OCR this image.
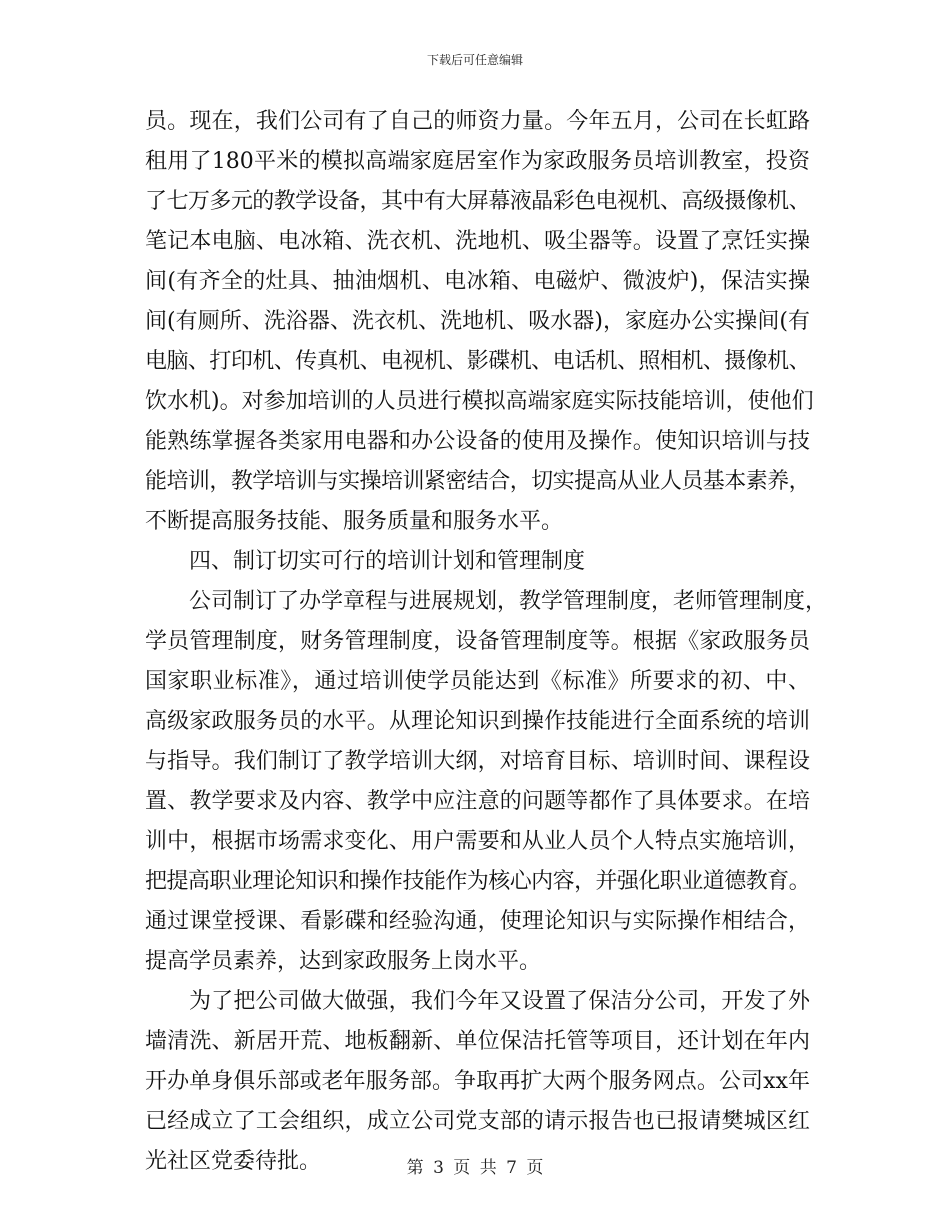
下载后可任意编辑
员。现在，我们公司有了自己的师资力量。今年五月，公司在长虹路
租用了180平米的模拟高端家庭居室作为家政服务员培训教室，投资
了七万多元的教学设备，其中有大屏幕液晶彩色电视机、高级摄像机、
笔记本电脑、电冰箱、洗衣机、洗地机、吸尘器等。设置了烹饪实操
间(有齐全的灶具、抽油烟机、电冰箱、电磁炉、微波炉)，保洁实操
间(有厕所、洗浴器、洗衣机、洗地机、吸水器)，家庭办公实操间(有
电脑、打印机、传真机、电视机、影碟机、电话机、照相机、摄像机、
饮水机)。对参加培训的人员进行模拟高端家庭实际技能培训，使他们
能熟练掌握各类家用电器和办公设备的使用及操作。使知识培训与技
能培训，教学培训与实操培训紧密结合，切实提高从业人员基本素养，
不断提高服务技能、服务质量和服务水平。
四、制订切实可行的培训计划和管理制度
公司制订了办学章程与进展规划，教学管理制度，老师管理制度，
学员管理制度，财务管理制度，设备管理制度等。根据《家政服务员
国家职业标准》，通过培训使学员能达到《标准》所要求的初、中、
高级家政服务员的水平。从理论知识到操作技能进行全面系统的培训
与指导。我们制订了教学培训大纲，对培育目标、培训时间、课程设
置、教学要求及内容、教学中应注意的问题等都作了具体要求。在培
训中，根据市场需求变化、用户需要和从业人员个人特点实施培训，
把提高职业理论知识和操作技能作为核心内容，并强化职业道德教育。
通过课堂授课、看影碟和经验沟通，使理论知识与实际操作相结合，
提高学员素养，达到家政服务上岗水平。
为了把公司做大做强，我们今年又设置了保洁分公司，开发了外
墙清洗、新居开荒、地板翻新、单位保洁托管等项目，还计划在年内
开办单身俱乐部或老年服务部。争取再扩大两个服务网点。公司xx年
已经成立了工会组织，成立公司党支部的请示报告也已报请樊城区红
光社区党委待批。	第 3 页 共 7 页
